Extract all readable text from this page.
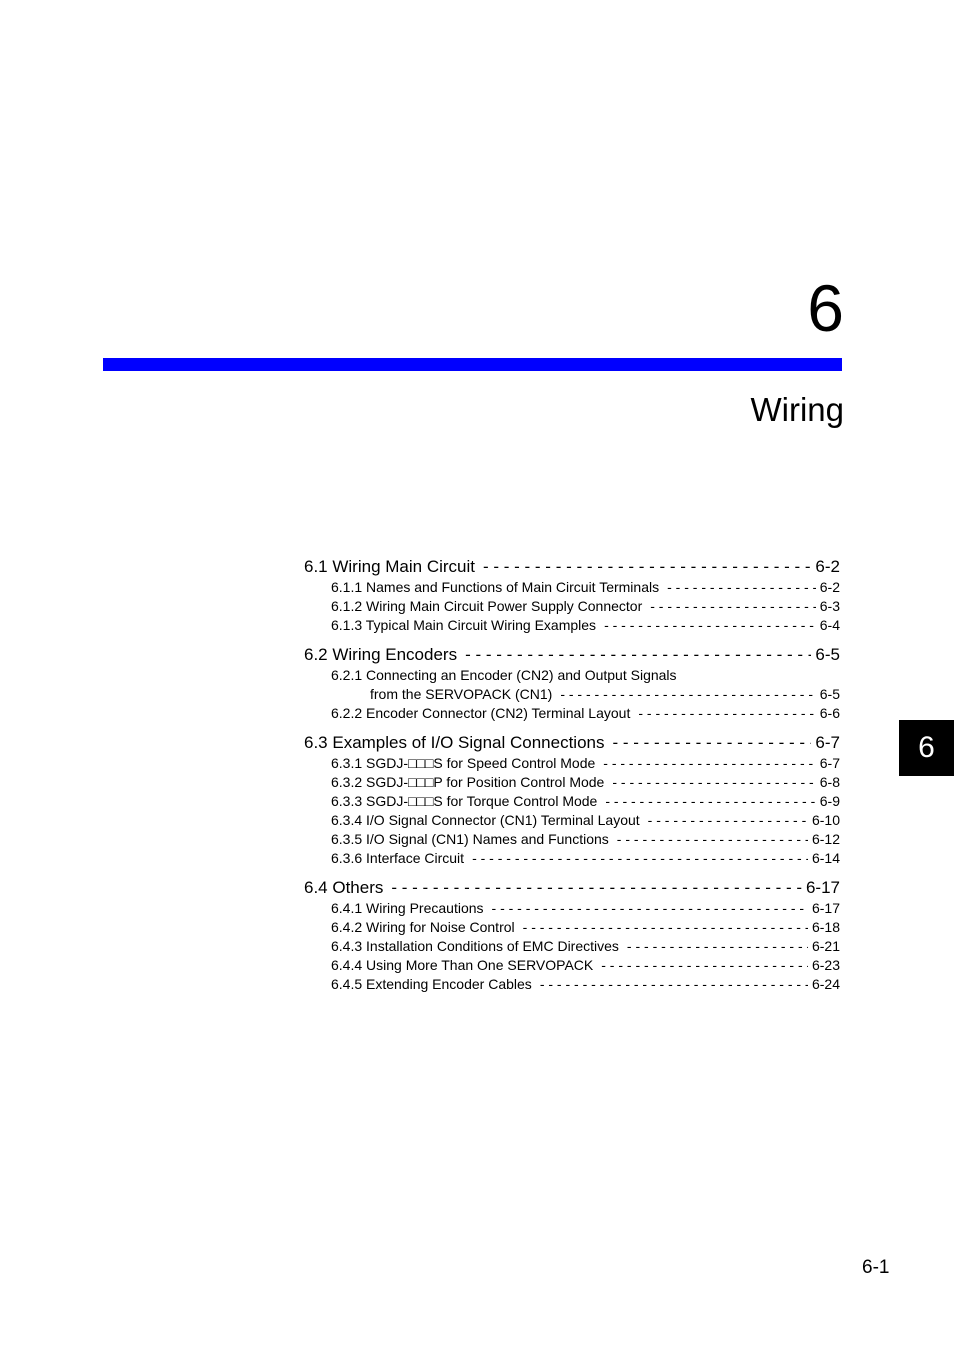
6
Wiring
6
6.1 Wiring Main Circuit - - -	6-2
6.1.1 Names and Functions of Main Circuit Terminals - - -	6-2
6.1.2 Wiring Main Circuit Power Supply Connector - - -	6-3
6.1.3 Typical Main Circuit Wiring Examples - - -	6-4
6.2 Wiring Encoders - - -	6-5
6.2.1 Connecting an Encoder (CN2) and Output Signals
from the SERVOPACK (CN1) - - -	6-5
6.2.2 Encoder Connector (CN2) Terminal Layout - - -	6-6
6.3 Examples of I/O Signal Connections - - -	6-7
6.3.1 SGDJ-□□□S for Speed Control Mode - - -	6-7
6.3.2 SGDJ-□□□P for Position Control Mode - - -	6-8
6.3.3 SGDJ-□□□S for Torque Control Mode - - -	6-9
6.3.4 I/O Signal Connector (CN1) Terminal Layout - - -	6-10
6.3.5 I/O Signal (CN1) Names and Functions - - -	6-12
6.3.6 Interface Circuit - - -	6-14
6.4 Others - - -	6-17
6.4.1 Wiring Precautions - - -	6-17
6.4.2 Wiring for Noise Control - - -	6-18
6.4.3 Installation Conditions of EMC Directives - - -	6-21
6.4.4 Using More Than One SERVOPACK - - -	6-23
6.4.5 Extending Encoder Cables - - -	6-24
6-1
